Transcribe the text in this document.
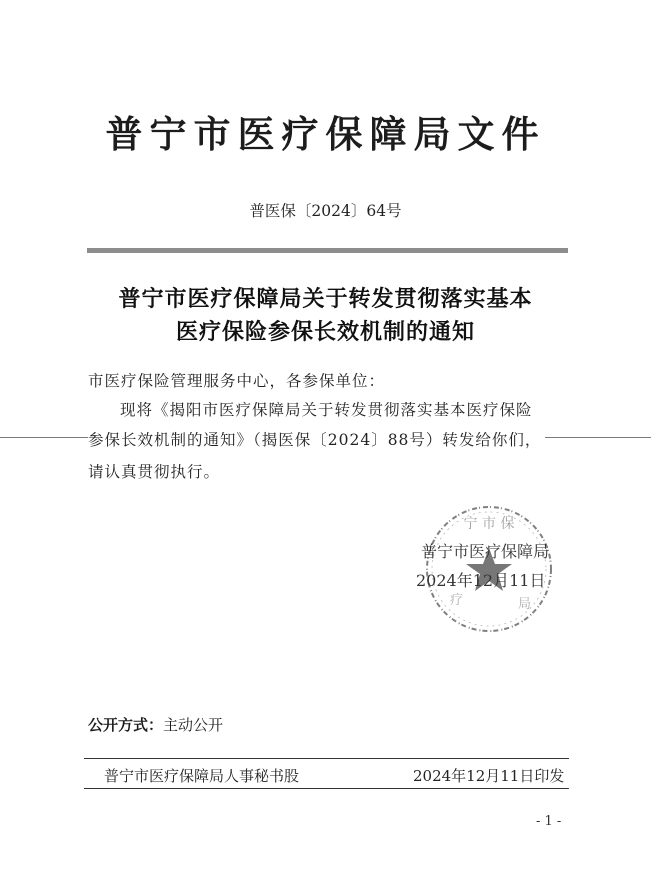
普宁市医疗保障局文件
普医保〔2024〕64号
普宁市医疗保障局关于转发贯彻落实基本
医疗保险参保长效机制的通知
市医疗保险管理服务中心，各参保单位：
现将《揭阳市医疗保障局关于转发贯彻落实基本医疗保险
参保长效机制的通知》（揭医保〔2024〕88号）转发给你们，
请认真贯彻执行。
宁 市 保
疗	局
普宁市医疗保障局
2024年12月11日
公开方式：主动公开
普宁市医疗保障局人事秘书股	2024年12月11日印发
- 1 -
